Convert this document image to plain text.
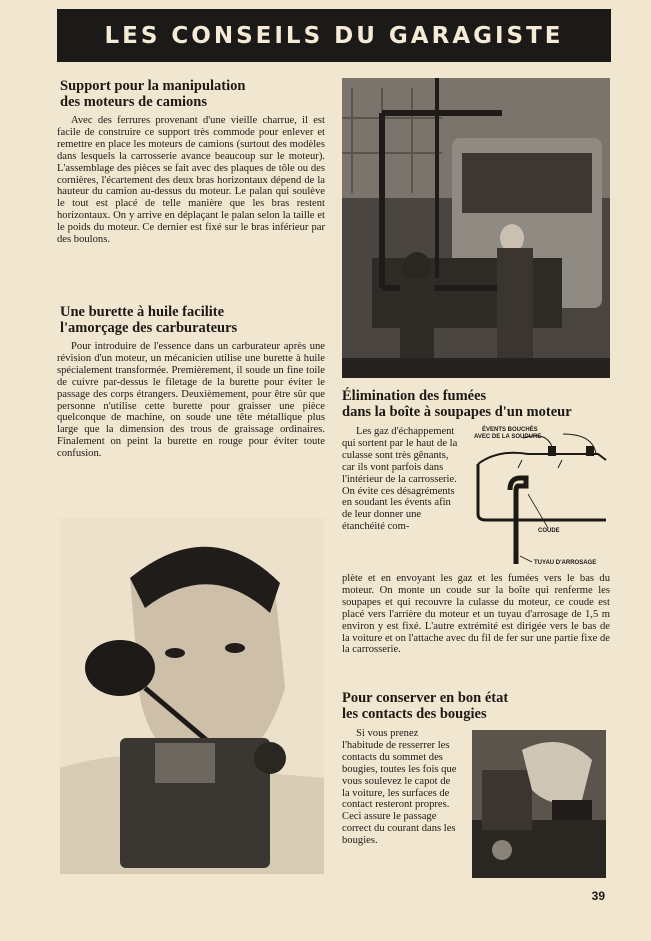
LES CONSEILS DU GARAGISTE
Support pour la manipulation
des moteurs de camions

Avec des ferrures provenant d'une vieille charrue, il est facile de construire ce support très commode pour enlever et remettre en place les moteurs de camions (surtout des modèles dans lesquels la carrosserie avance beaucoup sur le moteur). L'assemblage des pièces se fait avec des plaques de tôle ou des cornières, l'écartement des deux bras horizontaux dépend de la hauteur du camion au-dessus du moteur. Le palan qui soulève le tout est placé de telle manière que les bras restent horizontaux. On y arrive en déplaçant le palan selon la taille et le poids du moteur. Ce dernier est fixé sur le bras inférieur par des boulons.

Une burette à huile facilite
l'amorçage des carburateurs

Pour introduire de l'essence dans un carburateur après une révision d'un moteur, un mécanicien utilise une burette à huile spécialement transformée. Premièrement, il soude un fine toile de cuivre par-dessus le filetage de la burette pour éviter le passage des corps étrangers. Deuxièmement, pour être sûr que personne n'utilise cette burette pour graisser une pièce quelconque de machine, on soude une tête métallique plus large que la dimension des trous de graissage ordinaires. Finalement on peint la burette en rouge pour éviter toute confusion.

Élimination des fumées
dans la boîte à soupapes d'un moteur

Les gaz d'échappement qui sortent par le haut de la culasse sont très gênants, car ils vont parfois dans l'intérieur de la carrosserie. On évite ces désagréments en soudant les évents afin de leur donner une étanchéité com-

plète et en envoyant les gaz et les fumées vers le bas du moteur. On monte un coude sur la boîte qui renferme les soupapes et qui recouvre la culasse du moteur, ce coude est placé vers l'arrière du moteur et un tuyau d'arrosage de 1,5 m environ y est fixé. L'autre extrémité est dirigée vers le bas de la voiture et on l'attache avec du fil de fer sur une partie fixe de la carrosserie.

ÉVENTS BOUCHÉS
AVEC DE LA SOUDURE
COUDE
TUYAU D'ARROSAGE
Pour conserver en bon état
les contacts des bougies

Si vous prenez l'habitude de resserrer les contacts du sommet des bougies, toutes les fois que vous soulevez le capot de la voiture, les surfaces de contact resteront propres. Ceci assure le passage correct du courant dans les bougies.

39
